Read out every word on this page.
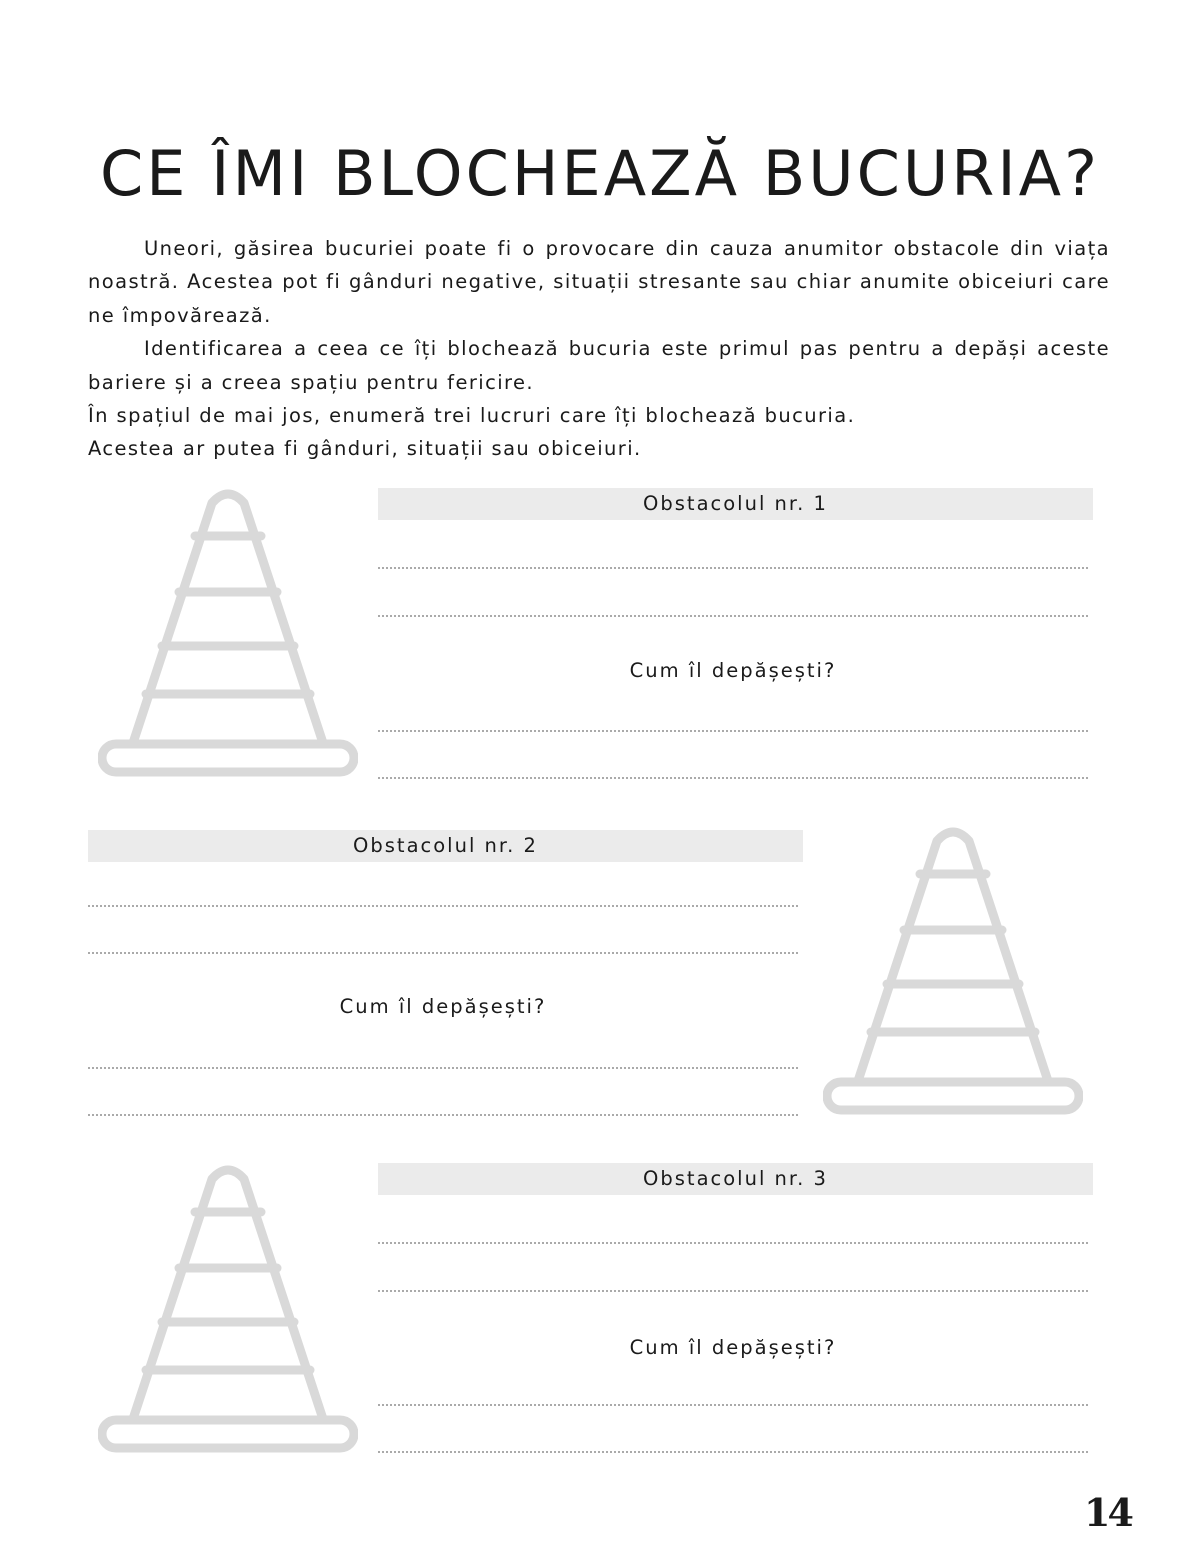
CE ÎMI BLOCHEAZĂ BUCURIA?

Uneori, găsirea bucuriei poate fi o provocare din cauza anumitor obstacole din viața noastră. Acestea pot fi gânduri negative, situații stresante sau chiar anumite obiceiuri care ne împovărează.

Identificarea a ceea ce îți blochează bucuria este primul pas pentru a depăși aceste bariere și a creea spațiu pentru fericire.

În spațiul de mai jos, enumeră trei lucruri care îți blochează bucuria.

Acestea ar putea fi gânduri, situații sau obiceiuri.

Obstacolul nr. 1
Cum îl depășești?
Obstacolul nr. 2
Cum îl depășești?
Obstacolul nr. 3
Cum îl depășești?
14
